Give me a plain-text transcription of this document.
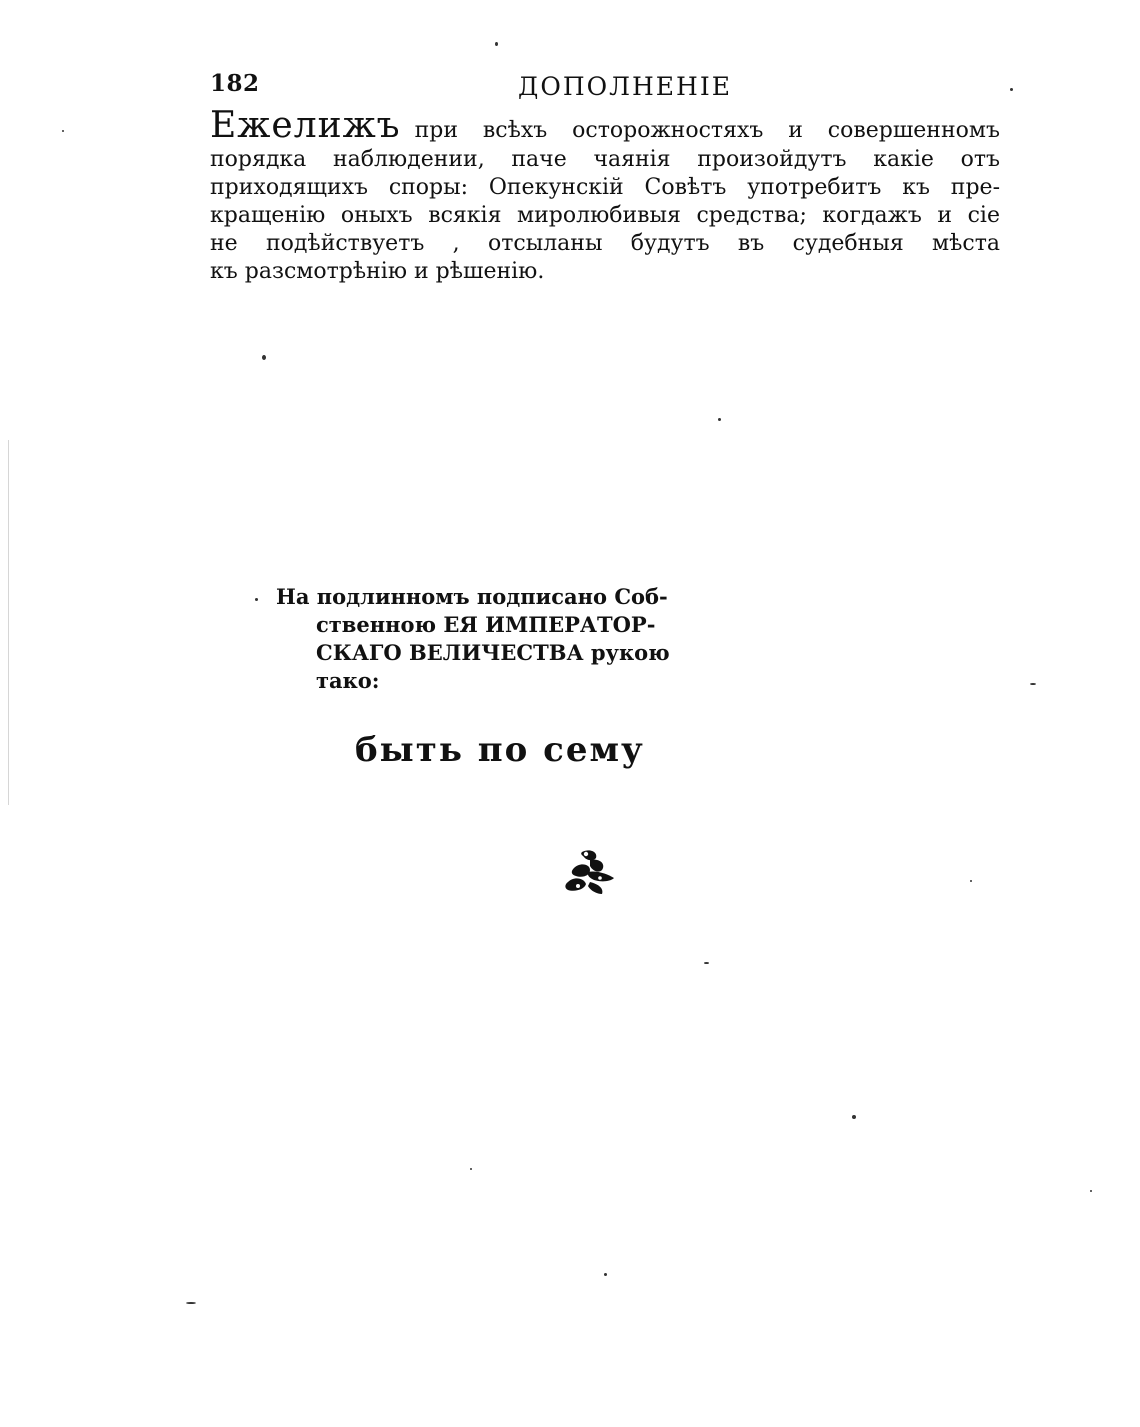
182	ДОПОЛНЕНІЕ
Ежелижъ при всѣхъ осторожностяхъ и совершенномъ
порядка наблюдении, паче чаянія произойдутъ какіе отъ
приходящихъ споры: Опекунскій Совѣтъ употребитъ къ пре-
кращенію оныхъ всякія миролюбивыя средства; когдажъ и сіе
не подѣйствуетъ , отсыланы будутъ въ судебныя мѣста
къ разсмотрѣнію и рѣшенію.
На подлинномъ подписано Соб-
ственною ЕЯ ИМПЕРАТОР-
СКАГО ВЕЛИЧЕСТВА рукою
тако:
быть по сему
